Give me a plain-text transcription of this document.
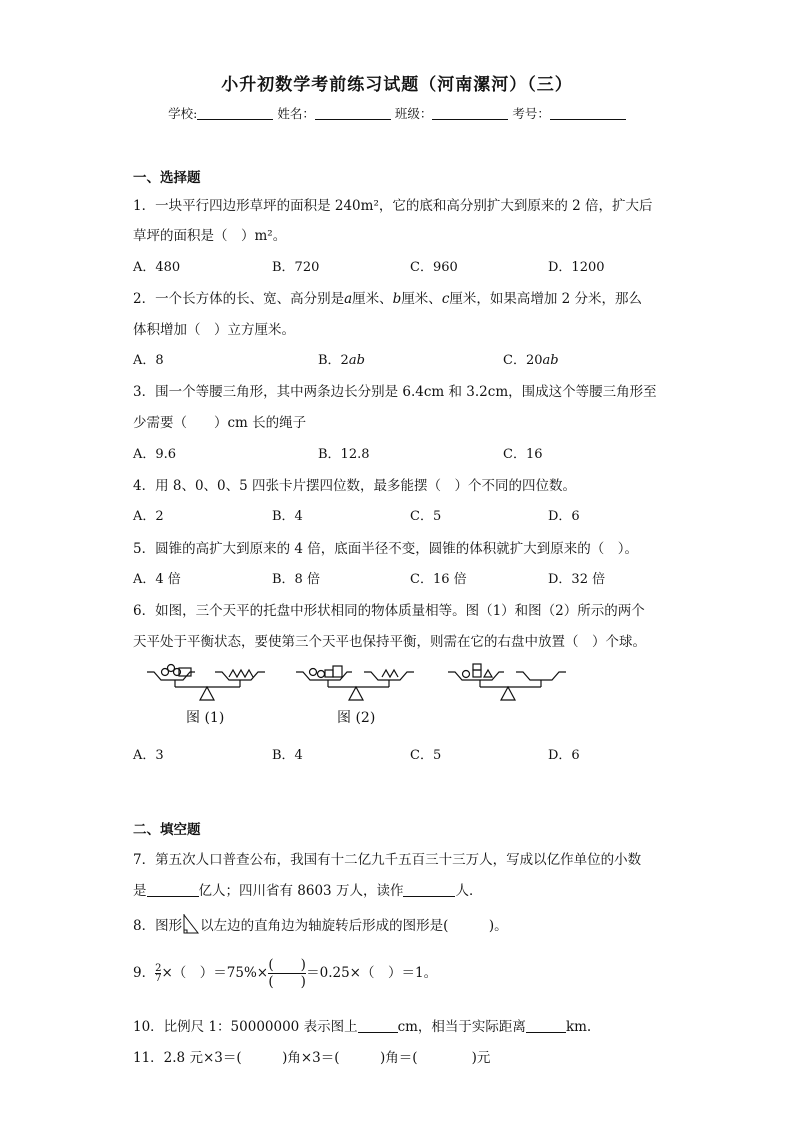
小升初数学考前练习试题（河南漯河）（三）
学校:	姓名：	班级：	考号：
一、选择题
1．一块平行四边形草坪的面积是 240m²，它的底和高分别扩大到原来的 2 倍，扩大后
草坪的面积是（　）m²。
A．480	B．720	C．960	D．1200
2．一个长方体的长、宽、高分别是a厘米、b厘米、c厘米，如果高增加 2 分米，那么
体积增加（　）立方厘米。
A．8	B．2ab	C．20ab
3．围一个等腰三角形，其中两条边长分别是 6.4cm 和 3.2cm，围成这个等腰三角形至
少需要（　　）cm 长的绳子
A．9.6	B．12.8	C．16
4．用 8、0、0、5 四张卡片摆四位数，最多能摆（　）个不同的四位数。
A．2	B．4	C．5	D．6
5．圆锥的高扩大到原来的 4 倍，底面半径不变，圆锥的体积就扩大到原来的（　）。
A．4 倍	B．8 倍	C．16 倍	D．32 倍
6．如图，三个天平的托盘中形状相同的物体质量相等。图（1）和图（2）所示的两个
天平处于平衡状态，要使第三个天平也保持平衡，则需在它的右盘中放置（　）个球。
图 (1)	图 (2)
A．3	B．4	C．5	D．6
二、填空题
7．第五次人口普查公布，我国有十二亿九千五百三十三万人，写成以亿作单位的小数
是	亿人；四川省有 8603 万人，读作	人．
8．图形 以左边的直角边为轴旋转后形成的图形是(　　　)。
9． $\frac{2}{7}$ ×（　）＝75%× (　　)
(　　)
＝0.25×（　）＝1。
10．比例尺 1：50000000 表示图上	cm，相当于实际距离	km.
11．2.8 元×3＝(　　　)角×3＝(　　　)角＝(　　　　)元
